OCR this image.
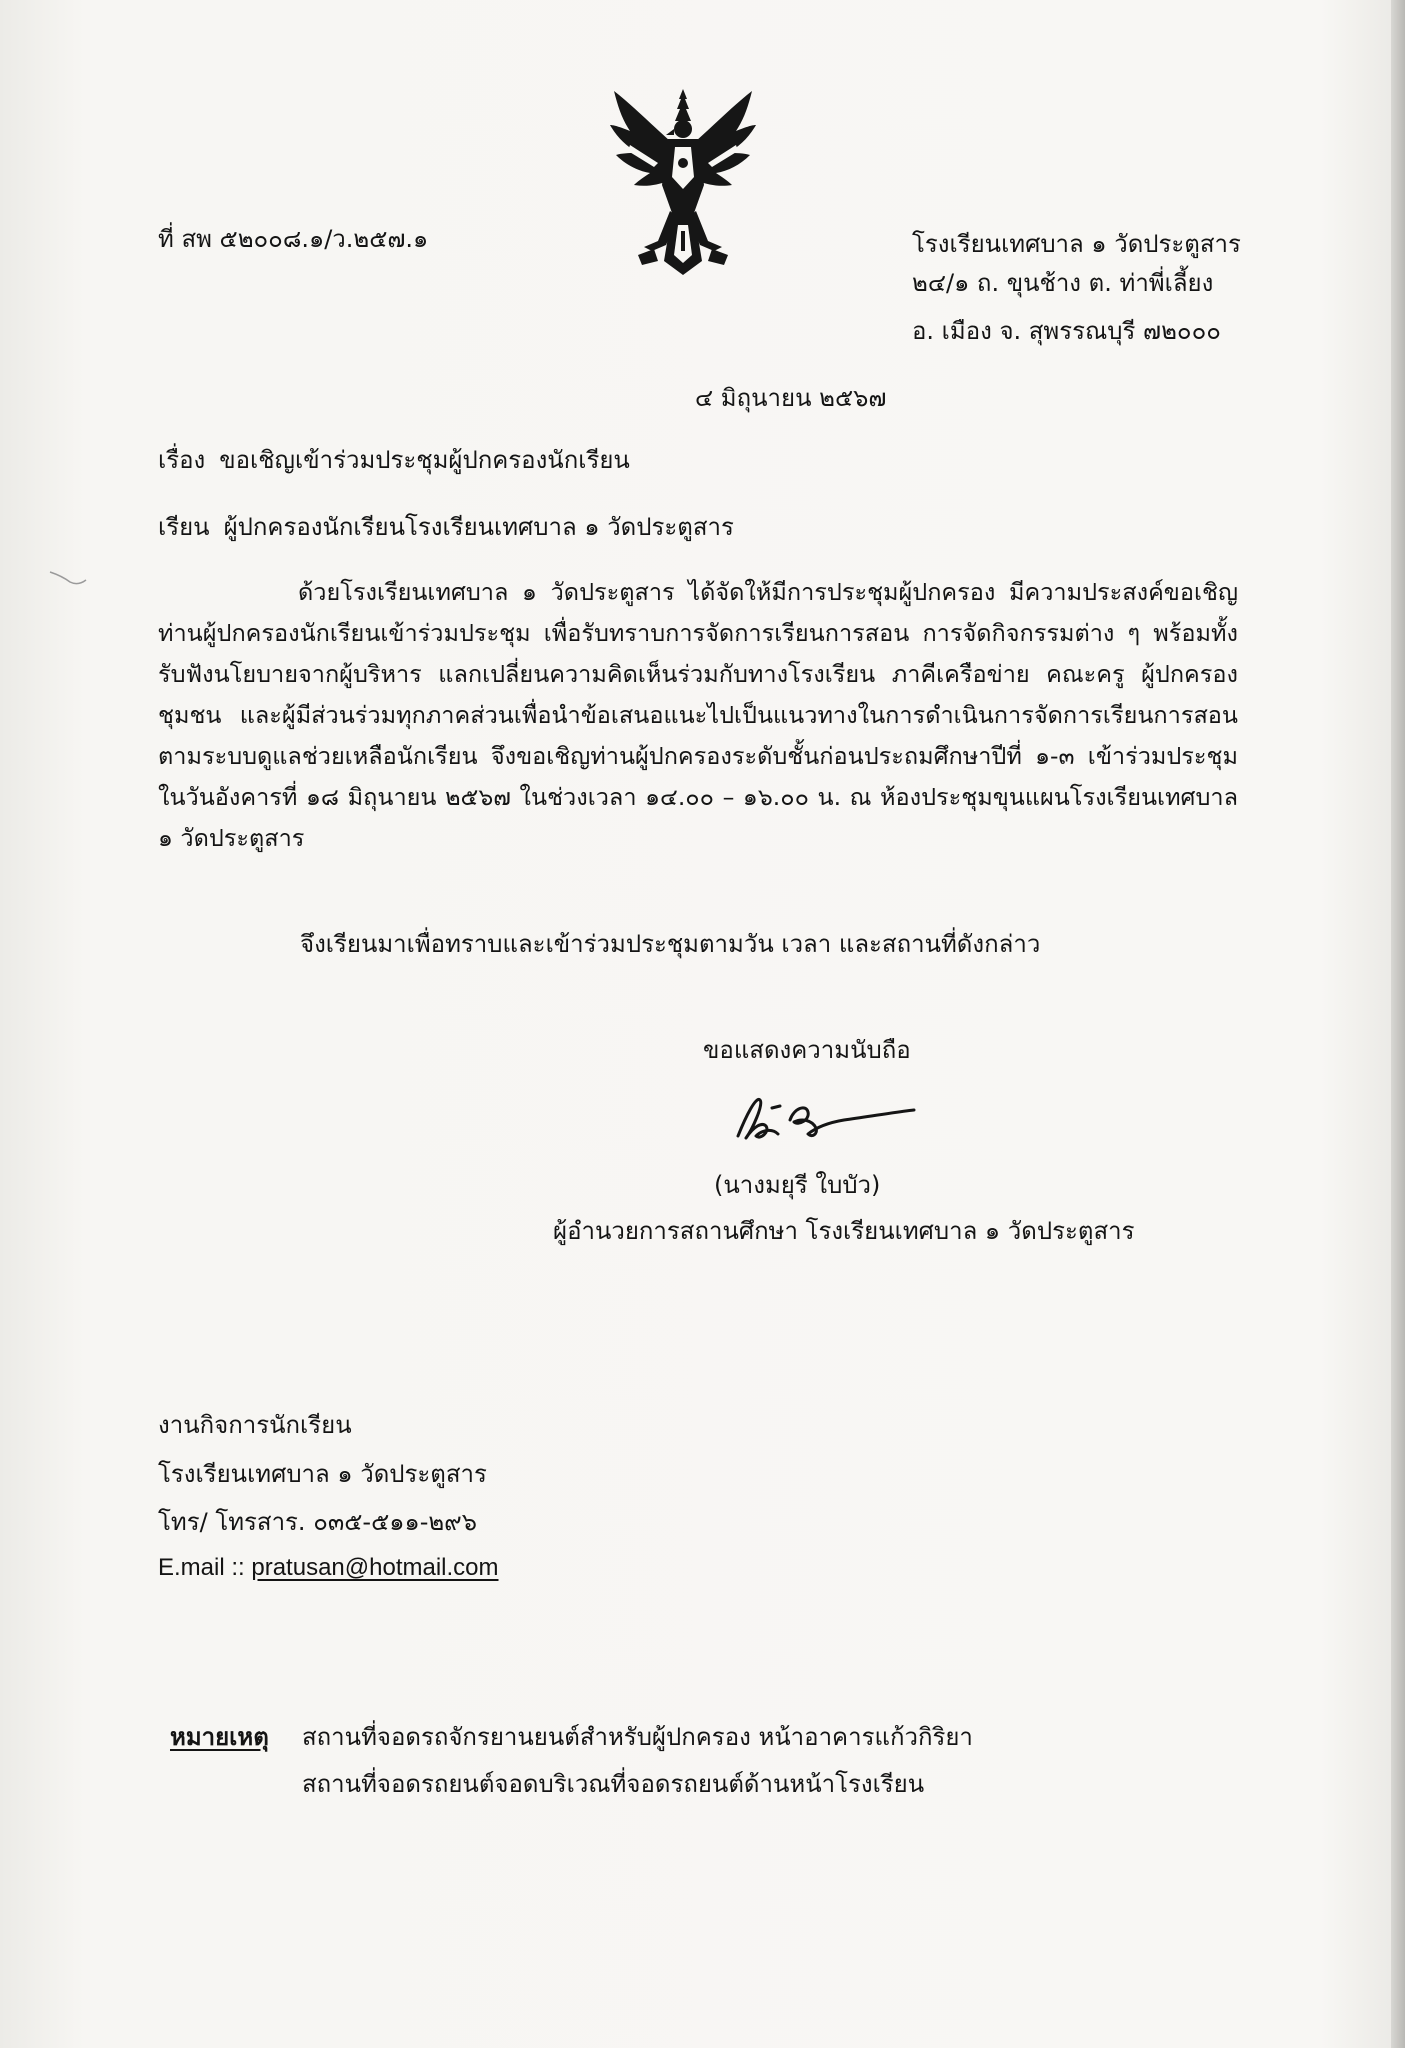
ที่ สพ ๕๒๐๐๘.๑/ว.๒๕๗.๑	โรงเรียนเทศบาล ๑ วัดประตูสาร
๒๔/๑ ถ. ขุนช้าง ต. ท่าพี่เลี้ยง
อ. เมือง จ. สุพรรณบุรี ๗๒๐๐๐
๔ มิถุนายน ๒๕๖๗
เรื่อง ขอเชิญเข้าร่วมประชุมผู้ปกครองนักเรียน
เรียน ผู้ปกครองนักเรียนโรงเรียนเทศบาล ๑ วัดประตูสาร

ด้วยโรงเรียนเทศบาล ๑ วัดประตูสาร ได้จัดให้มีการประชุมผู้ปกครอง มีความประสงค์ขอเชิญท่านผู้ปกครองนักเรียนเข้าร่วมประชุม เพื่อรับทราบการจัดการเรียนการสอน การจัดกิจกรรมต่าง ๆ พร้อมทั้งรับฟังนโยบายจากผู้บริหาร แลกเปลี่ยนความคิดเห็นร่วมกับทางโรงเรียน ภาคีเครือข่าย คณะครู ผู้ปกครอง ชุมชน และผู้มีส่วนร่วมทุกภาคส่วนเพื่อนำข้อเสนอแนะไปเป็นแนวทางในการดำเนินการจัดการเรียนการสอนตามระบบดูแลช่วยเหลือนักเรียน จึงขอเชิญท่านผู้ปกครองระดับชั้นก่อนประถมศึกษาปีที่ ๑-๓ เข้าร่วมประชุม ในวันอังคารที่ ๑๘ มิถุนายน ๒๕๖๗ ในช่วงเวลา ๑๔.๐๐ – ๑๖.๐๐ น. ณ ห้องประชุมขุนแผนโรงเรียนเทศบาล ๑ วัดประตูสาร

จึงเรียนมาเพื่อทราบและเข้าร่วมประชุมตามวัน เวลา และสถานที่ดังกล่าว
ขอแสดงความนับถือ
(นางมยุรี ใบบัว)
ผู้อำนวยการสถานศึกษา โรงเรียนเทศบาล ๑ วัดประตูสาร
งานกิจการนักเรียน
โรงเรียนเทศบาล ๑ วัดประตูสาร
โทร/ โทรสาร. ๐๓๕-๕๑๑-๒๙๖
E.mail :: pratusan@hotmail.com
หมายเหตุ สถานที่จอดรถจักรยานยนต์สำหรับผู้ปกครอง หน้าอาคารแก้วกิริยา
สถานที่จอดรถยนต์จอดบริเวณที่จอดรถยนต์ด้านหน้าโรงเรียน
